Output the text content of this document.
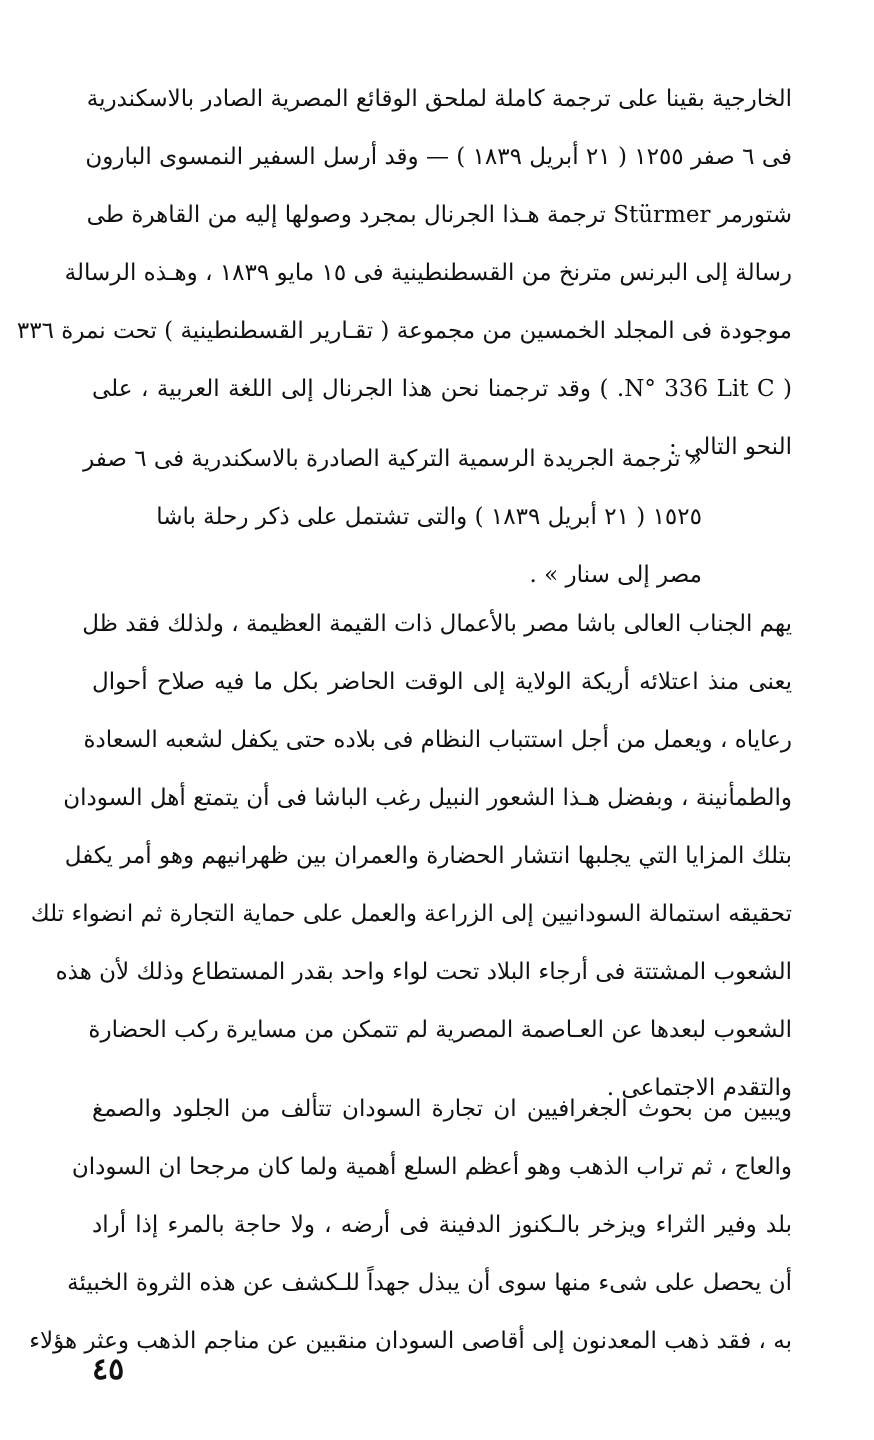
الخارجية بقينا على ترجمة كاملة لملحق الوقائع المصرية الصادر بالاسكندرية
فى ٦ صفر ١٢٥٥ ( ٢١ أبريل ١٨٣٩ ) — وقد أرسل السفير النمسوى البارون
شتورمر Stürmer ترجمة هـذا الجرنال بمجرد وصولها إليه من القاهرة طى
رسالة إلى البرنس مترنخ من القسطنطينية فى ١٥ مايو ١٨٣٩ ، وهـذه الرسالة
موجودة فى المجلد الخمسين من مجموعة ( تقـارير القسطنطينية ) تحت نمرة ٣٣٦
( N° 336 Lit C. ) وقد ترجمنا نحن هذا الجرنال إلى اللغة العربية ، على
النحو التالى :
« ترجمة الجريدة الرسمية التركية الصادرة بالاسكندرية فى ٦ صفر
١٥٢٥ ( ٢١ أبريل ١٨٣٩ ) والتى تشتمل على ذكر رحلة باشا
مصر إلى سنار » .
يهم الجناب العالى باشا مصر بالأعمال ذات القيمة العظيمة ، ولذلك فقد ظل
يعنى منذ اعتلائه أريكة الولاية إلى الوقت الحاضر بكل ما فيه صلاح أحوال
رعاياه ، ويعمل من أجل استتباب النظام فى بلاده حتى يكفل لشعبه السعادة
والطمأنينة ، وبفضل هـذا الشعور النبيل رغب الباشا فى أن يتمتع أهل السودان
بتلك المزايا التي يجلبها انتشار الحضارة والعمران بين ظهرانيهم وهو أمر يكفل
تحقيقه استمالة السودانيين إلى الزراعة والعمل على حماية التجارة ثم انضواء تلك
الشعوب المشتتة فى أرجاء البلاد تحت لواء واحد بقدر المستطاع وذلك لأن هذه
الشعوب لبعدها عن العـاصمة المصرية لم تتمكن من مسايرة ركب الحضارة
والتقدم الاجتماعى .
ويبين من بحوث الجغرافيين ان تجارة السودان تتألف من الجلود والصمغ
والعاج ، ثم تراب الذهب وهو أعظم السلع أهمية ولما كان مرجحا ان السودان
بلد وفير الثراء ويزخر بالـكنوز الدفينة فى أرضه ، ولا حاجة بالمرء إذا أراد
أن يحصل على شىء منها سوى أن يبذل جهداً للـكشف عن هذه الثروة الخبيئة
به ، فقد ذهب المعدنون إلى أقاصى السودان منقبين عن مناجم الذهب وعثر هؤلاء
٤٥
